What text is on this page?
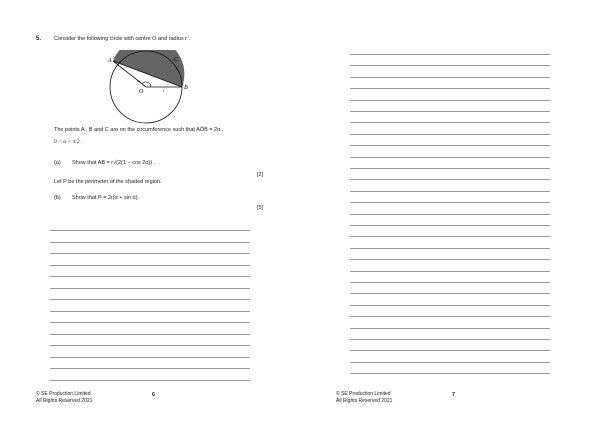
5. Consider the following circle with centre O and radius r .
A	C
B
O
2α
r
The points A , B and C are on the circumference such that AÔB = 2α ,
0 < α < π/2 .
(a) Show that AB = r√(2(1 − cos 2α)) .
[2]
Let P be the perimeter of the shaded region.
(b) Show that P = 2r(α + sin α) .
[5]
© SE Production Limited
All Rights Reserved 2021
6	© SE Production Limited
All Rights Reserved 2021
7
